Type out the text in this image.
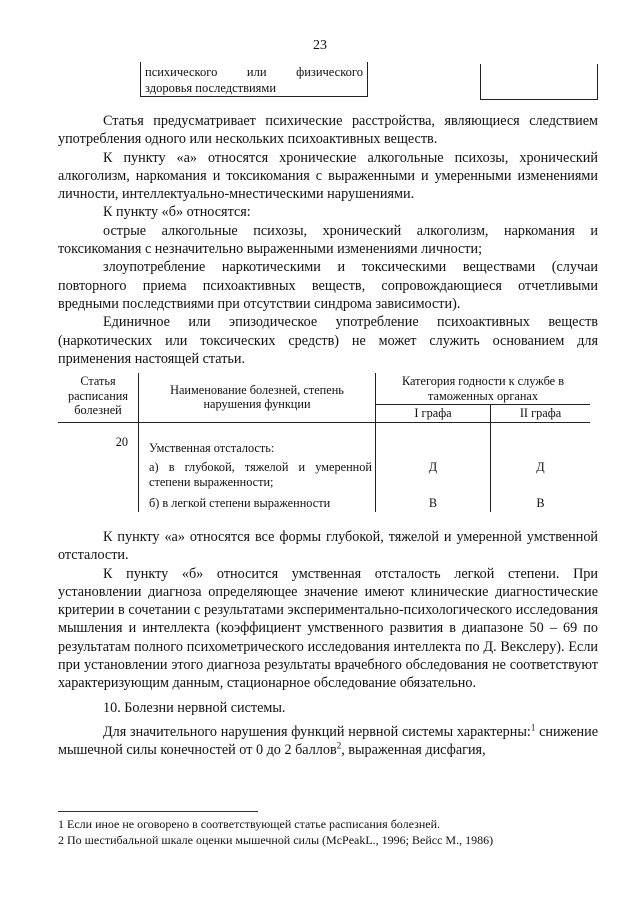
23
психического или физического
здоровья последствиями

Статья предусматривает психические расстройства, являющиеся следствием употребления одного или нескольких психоактивных веществ.

К пункту «а» относятся хронические алкогольные психозы, хронический алкоголизм, наркомания и токсикомания с выраженными и умеренными изменениями личности, интеллектуально-мнестическими нарушениями.

К пункту «б» относятся:

острые алкогольные психозы, хронический алкоголизм, наркомания и токсикомания с незначительно выраженными изменениями личности;

злоупотребление наркотическими и токсическими веществами (случаи повторного приема психоактивных веществ, сопровождающиеся отчетливыми вредными последствиями при отсутствии синдрома зависимости).

Единичное или эпизодическое употребление психоактивных веществ (наркотических или токсических средств) не может служить основанием для применения настоящей статьи.

Статья расписания болезней	Наименование болезней, степень нарушения функции	Категория годности к службе в таможенных органах	
		I графа	II графа
20	Умственная отсталость:		
	а) в глубокой, тяжелой и умеренной степени выраженности;	Д	Д
	б) в легкой степени выраженности	В	В

К пункту «а» относятся все формы глубокой, тяжелой и умеренной умственной отсталости.

К пункту «б» относится умственная отсталость легкой степени. При установлении диагноза определяющее значение имеют клинические диагностические критерии в сочетании с результатами экспериментально-психологического исследования мышления и интеллекта (коэффициент умственного развития в диапазоне 50 – 69 по результатам полного психометрического исследования интеллекта по Д. Векслеру). Если при установлении этого диагноза результаты врачебного обследования не соответствуют характеризующим данным, стационарное обследование обязательно.

10. Болезни нервной системы.

Для значительного нарушения функций нервной системы характерны:$^1$ снижение мышечной силы конечностей от 0 до 2 баллов$^2$, выраженная дисфагия,

1 Если иное не оговорено в соответствующей статье расписания болезней.
2 По шестибальной шкале оценки мышечной силы (McPeakL., 1996; Вейсс М., 1986)
